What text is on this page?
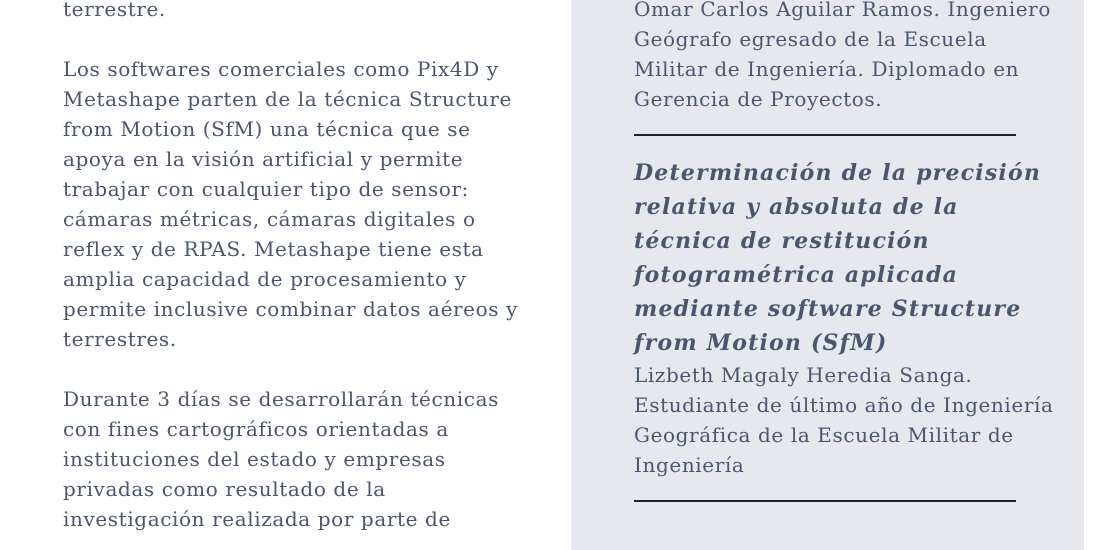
terrestre.

Los softwares comerciales como Pix4D y Metashape parten de la técnica Structure from Motion (SfM) una técnica que se apoya en la visión artificial y permite trabajar con cualquier tipo de sensor: cámaras métricas, cámaras digitales o reflex y de RPAS. Metashape tiene esta amplia capacidad de procesamiento y permite inclusive combinar datos aéreos y terrestres.

Durante 3 días se desarrollarán técnicas con fines cartográficos orientadas a instituciones del estado y empresas privadas como resultado de la investigación realizada por parte de

Omar Carlos Aguilar Ramos. Ingeniero Geógrafo egresado de la Escuela Militar de Ingeniería. Diplomado en Gerencia de Proyectos.

Determinación de la precisión relativa y absoluta de la técnica de restitución fotogramétrica aplicada mediante software Structure from Motion (SfM)

Lizbeth Magaly Heredia Sanga. Estudiante de último año de Ingeniería Geográfica de la Escuela Militar de Ingeniería
